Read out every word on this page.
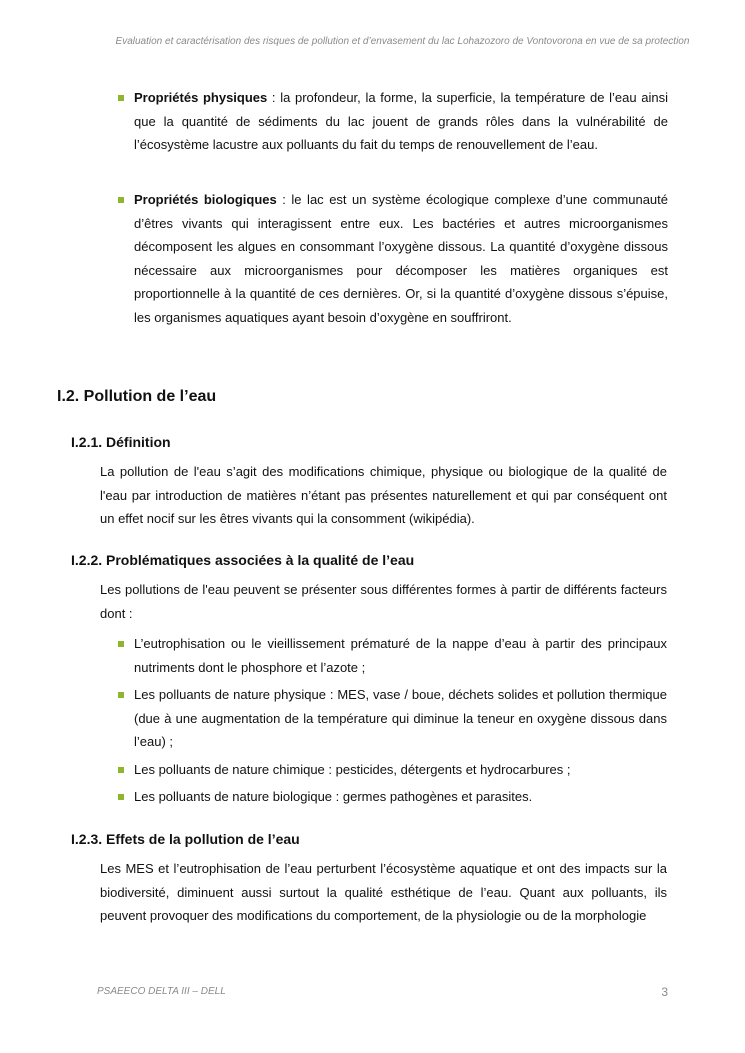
Evaluation et caractérisation des risques de pollution et d’envasement du lac Lohazozoro de Vontovorona en vue de sa protection

Propriétés physiques : la profondeur, la forme, la superficie, la température de l’eau ainsi que la quantité de sédiments du lac jouent de grands rôles dans la vulnérabilité de l’écosystème lacustre aux polluants du fait du temps de renouvellement de l’eau.

Propriétés biologiques : le lac est un système écologique complexe d’une communauté d’êtres vivants qui interagissent entre eux. Les bactéries et autres microorganismes décomposent les algues en consommant l’oxygène dissous. La quantité d’oxygène dissous nécessaire aux microorganismes pour décomposer les matières organiques est proportionnelle à la quantité de ces dernières. Or, si la quantité d’oxygène dissous s’épuise, les organismes aquatiques ayant besoin d’oxygène en souffriront.

I.2. Pollution de l’eau
I.2.1. Définition

La pollution de l'eau s’agit des modifications chimique, physique ou biologique de la qualité de l'eau par introduction de matières n’étant pas présentes naturellement et qui par conséquent ont un effet nocif sur les êtres vivants qui la consomment (wikipédia).

I.2.2. Problématiques associées à la qualité de l’eau

Les pollutions de l'eau peuvent se présenter sous différentes formes à partir de différents facteurs dont :

L’eutrophisation ou le vieillissement prématuré de la nappe d’eau à partir des principaux nutriments dont le phosphore et l’azote ;

Les polluants de nature physique : MES, vase / boue, déchets solides et pollution thermique (due à une augmentation de la température qui diminue la teneur en oxygène dissous dans l’eau) ;

Les polluants de nature chimique : pesticides, détergents et hydrocarbures ;

Les polluants de nature biologique : germes pathogènes et parasites.

I.2.3. Effets de la pollution de l’eau

Les MES et l’eutrophisation de l’eau perturbent l’écosystème aquatique et ont des impacts sur la biodiversité, diminuent aussi surtout la qualité esthétique de l’eau. Quant aux polluants, ils peuvent provoquer des modifications du comportement, de la physiologie ou de la morphologie

PSAEECO DELTA III – DELL	3
